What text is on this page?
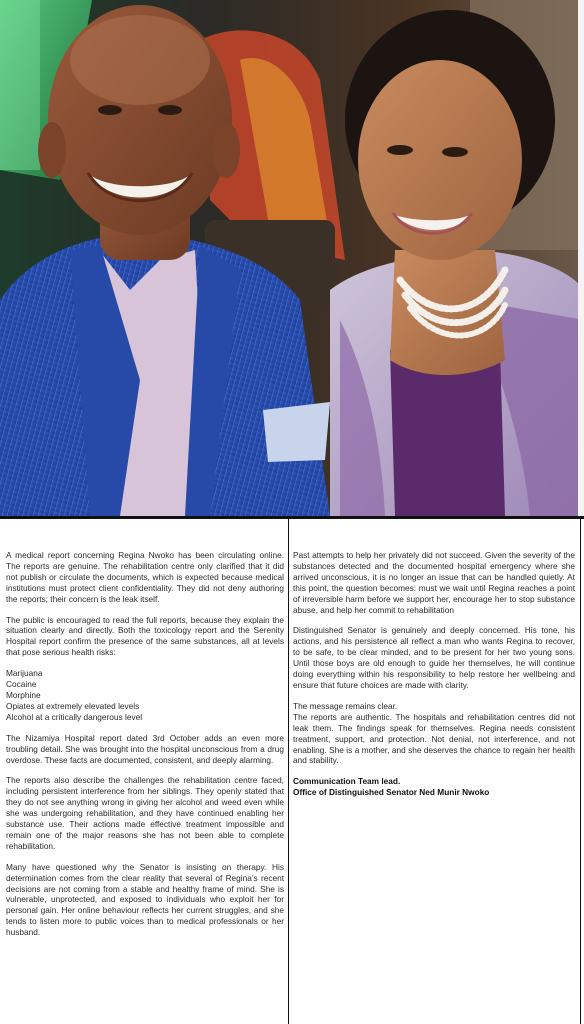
A medical report concerning Regina Nwoko has been circulating online. The reports are genuine. The rehabilitation centre only clarified that it did not publish or circulate the documents, which is expected because medical institutions must protect client confidentiality. They did not deny authoring the reports; their concern is the leak itself.

The public is encouraged to read the full reports, because they explain the situation clearly and directly. Both the toxicology report and the Serenity Hospital report confirm the presence of the same substances, all at levels that pose serious health risks:

Marijuana
Cocaine
Morphine
Opiates at extremely elevated levels
Alcohol at a critically dangerous level

The Nizamiya Hospital report dated 3rd October adds an even more troubling detail. She was brought into the hospital unconscious from a drug overdose. These facts are documented, consistent, and deeply alarming.

The reports also describe the challenges the rehabilitation centre faced, including persistent interference from her siblings. They openly stated that they do not see anything wrong in giving her alcohol and weed even while she was undergoing rehabilitation, and they have continued enabling her substance use. Their actions made effective treatment impossible and remain one of the major reasons she has not been able to complete rehabilitation.

Many have questioned why the Senator is insisting on therapy. His determination comes from the clear reality that several of Regina’s recent decisions are not coming from a stable and healthy frame of mind. She is vulnerable, unprotected, and exposed to individuals who exploit her for personal gain. Her online behaviour reflects her current struggles, and she tends to listen more to public voices than to medical professionals or her husband.

Past attempts to help her privately did not succeed. Given the severity of the substances detected and the documented hospital emergency where she arrived unconscious, it is no longer an issue that can be handled quietly. At this point, the question becomes: must we wait until Regina reaches a point of irreversible harm before we support her, encourage her to stop substance abuse, and help her commit to rehabilitation

Distinguished Senator is genuinely and deeply concerned. His tone, his actions, and his persistence all reflect a man who wants Regina to recover, to be safe, to be clear minded, and to be present for her two young sons. Until those boys are old enough to guide her themselves, he will continue doing everything within his responsibility to help restore her wellbeing and ensure that future choices are made with clarity.

The message remains clear.
The reports are authentic. The hospitals and rehabilitation centres did not leak them. The findings speak for themselves. Regina needs consistent treatment, support, and protection. Not denial, not interference, and not enabling. She is a mother, and she deserves the chance to regain her health and stability.

Communication Team lead.

Office of Distinguished Senator Ned Munir Nwoko
